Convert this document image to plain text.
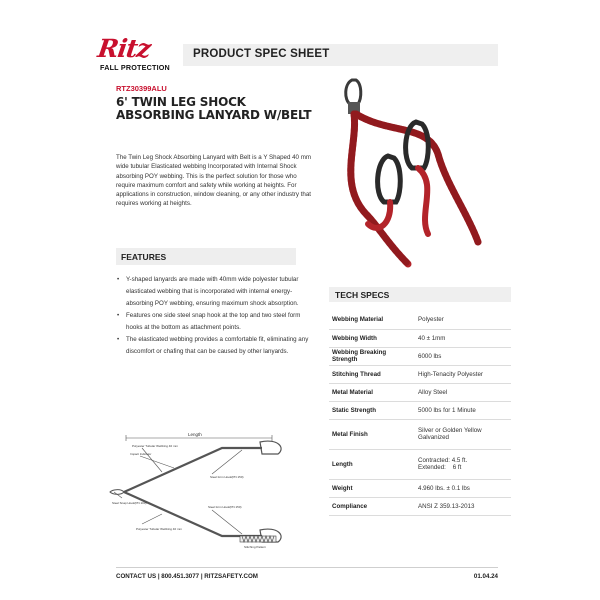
Ritz
FALL PROTECTION
PRODUCT SPEC SHEET
RTZ30399ALU
6' TWIN LEG SHOCK ABSORBING LANYARD W/BELT

The Twin Leg Shock Absorbing Lanyard with Belt is a Y Shaped 40 mm wide tubular Elasticated webbing Incorporated with Internal Shock absorbing POY webbing. This is the perfect solution for those who require maximum comfort and safety while working at heights. For applications in construction, window cleaning, or any other industry that requires working at heights.

FEATURES
• Y-shaped lanyards are made with 40mm wide polyester tubular elasticated webbing that is incorporated with internal energy-absorbing POY webbing, ensuring maximum shock absorption.
• Features one side steel snap hook at the top and two steel form hooks at the bottom as attachment points.
• The elasticated webbing provides a comfortable fit, eliminating any discomfort or chafing that can be caused by other lanyards.
TECH SPECS
Webbing Material	Polyester
Webbing Width	40 ± 1mm
Webbing Breaking Strength	6000 lbs
Stitching Thread	High-Tenacity Polyester
Metal Material	Alloy Steel
Static Strength	5000 lbs for 1 Minute
Metal Finish	Silver or Golden Yellow Galvanized
Length	Contracted: 4.5 ft.
Extended:    6 ft

Weight	4.960 lbs. ± 0.1 lbs
Compliance	ANSI Z 359.13-2013
Length
Polyester Tubular Webbing 40 mm
Impact Indicator
Steel form Hook(PN 150)
Steel Snap Hook(PN 100)
Steel form Hook(PN 150)
Polyester Tubular Webbing 40 mm
Stitching Pattern
CONTACT US | 800.451.3077 | RITZSAFETY.COM	01.04.24
